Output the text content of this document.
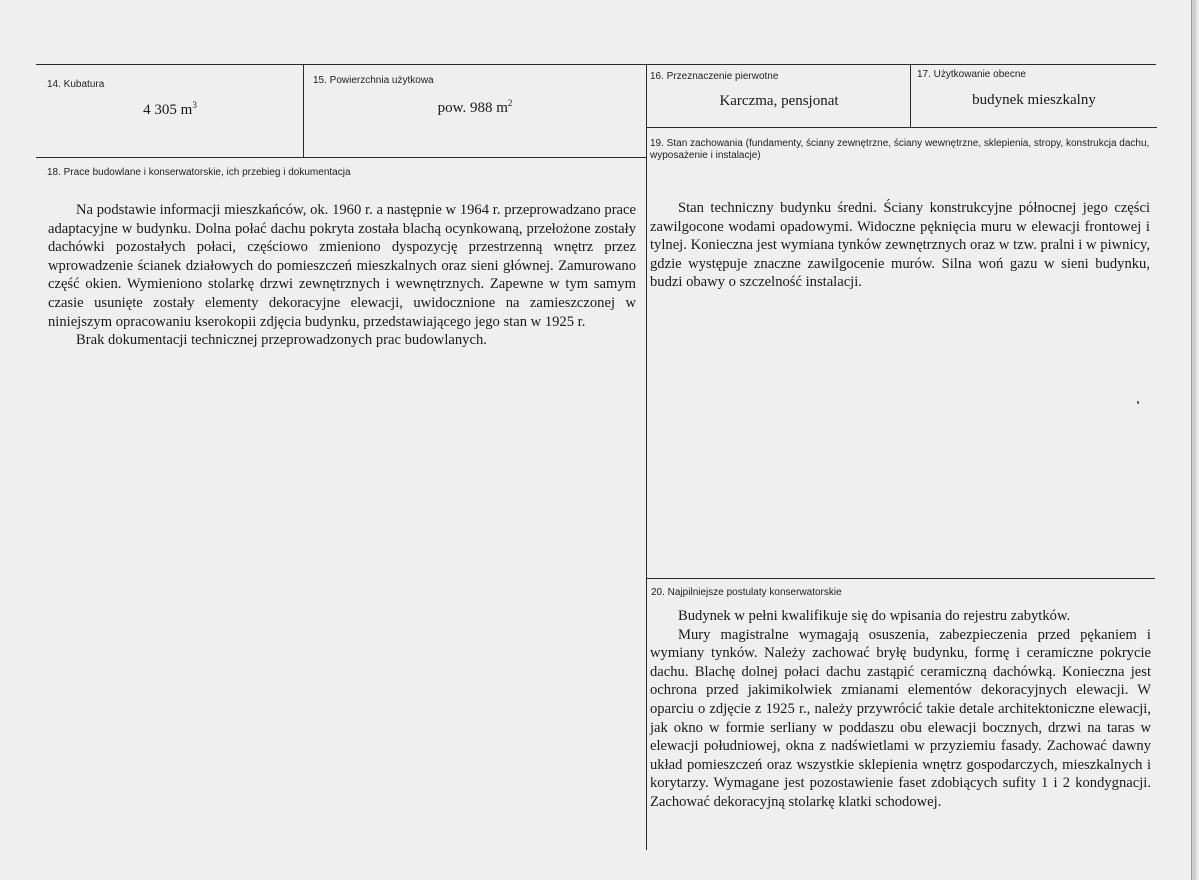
14. Kubatura
4 305 $m^3$
15. Powierzchnia użytkowa
pow. 988 $m^2$
16. Przeznaczenie pierwotne
Karczma, pensjonat
17. Użytkowanie obecne
budynek mieszkalny
18. Prace budowlane i konserwatorskie, ich przebieg i dokumentacja

Na podstawie informacji mieszkańców, ok. 1960 r. a następnie w 1964 r. przeprowadzano prace adaptacyjne w budynku. Dolna połać dachu pokryta została blachą ocynkowaną, przełożone zostały dachówki pozostałych połaci, częściowo zmieniono dyspozycję przestrzenną wnętrz przez wprowadzenie ścianek działowych do pomieszczeń mieszkalnych oraz sieni głównej. Zamurowano część okien. Wymieniono stolarkę drzwi zewnętrznych i wewnętrznych. Zapewne w tym samym czasie usunięte zostały elementy dekoracyjne elewacji, uwidocznione na zamieszczonej w niniejszym opracowaniu kserokopii zdjęcia budynku, przedstawiającego jego stan w 1925 r.

Brak dokumentacji technicznej przeprowadzonych prac budowlanych.

19. Stan zachowania (fundamenty, ściany zewnętrzne, ściany wewnętrzne, sklepienia, stropy, konstrukcja dachu, wyposażenie i instalacje)

Stan techniczny budynku średni. Ściany konstrukcyjne północnej jego części zawilgocone wodami opadowymi. Widoczne pęknięcia muru w elewacji frontowej i tylnej. Konieczna jest wymiana tynków zewnętrznych oraz w tzw. pralni i w piwnicy, gdzie występuje znaczne zawilgocenie murów. Silna woń gazu w sieni budynku, budzi obawy o szczelność instalacji.

20. Najpilniejsze postulaty konserwatorskie

Budynek w pełni kwalifikuje się do wpisania do rejestru zabytków.

Mury magistralne wymagają osuszenia, zabezpieczenia przed pękaniem i wymiany tynków. Należy zachować bryłę budynku, formę i ceramiczne pokrycie dachu. Blachę dolnej połaci dachu zastąpić ceramiczną dachówką. Konieczna jest ochrona przed jakimikolwiek zmianami elementów dekoracyjnych elewacji. W oparciu o zdjęcie z 1925 r., należy przywrócić takie detale architektoniczne elewacji, jak okno w formie serliany w poddaszu obu elewacji bocznych, drzwi na taras w elewacji południowej, okna z nadświetlami w przyziemiu fasady. Zachować dawny układ pomieszczeń oraz wszystkie sklepienia wnętrz gospodarczych, mieszkalnych i korytarzy. Wymagane jest pozostawienie faset zdobiących sufity 1 i 2 kondygnacji. Zachować dekoracyjną stolarkę klatki schodowej.
